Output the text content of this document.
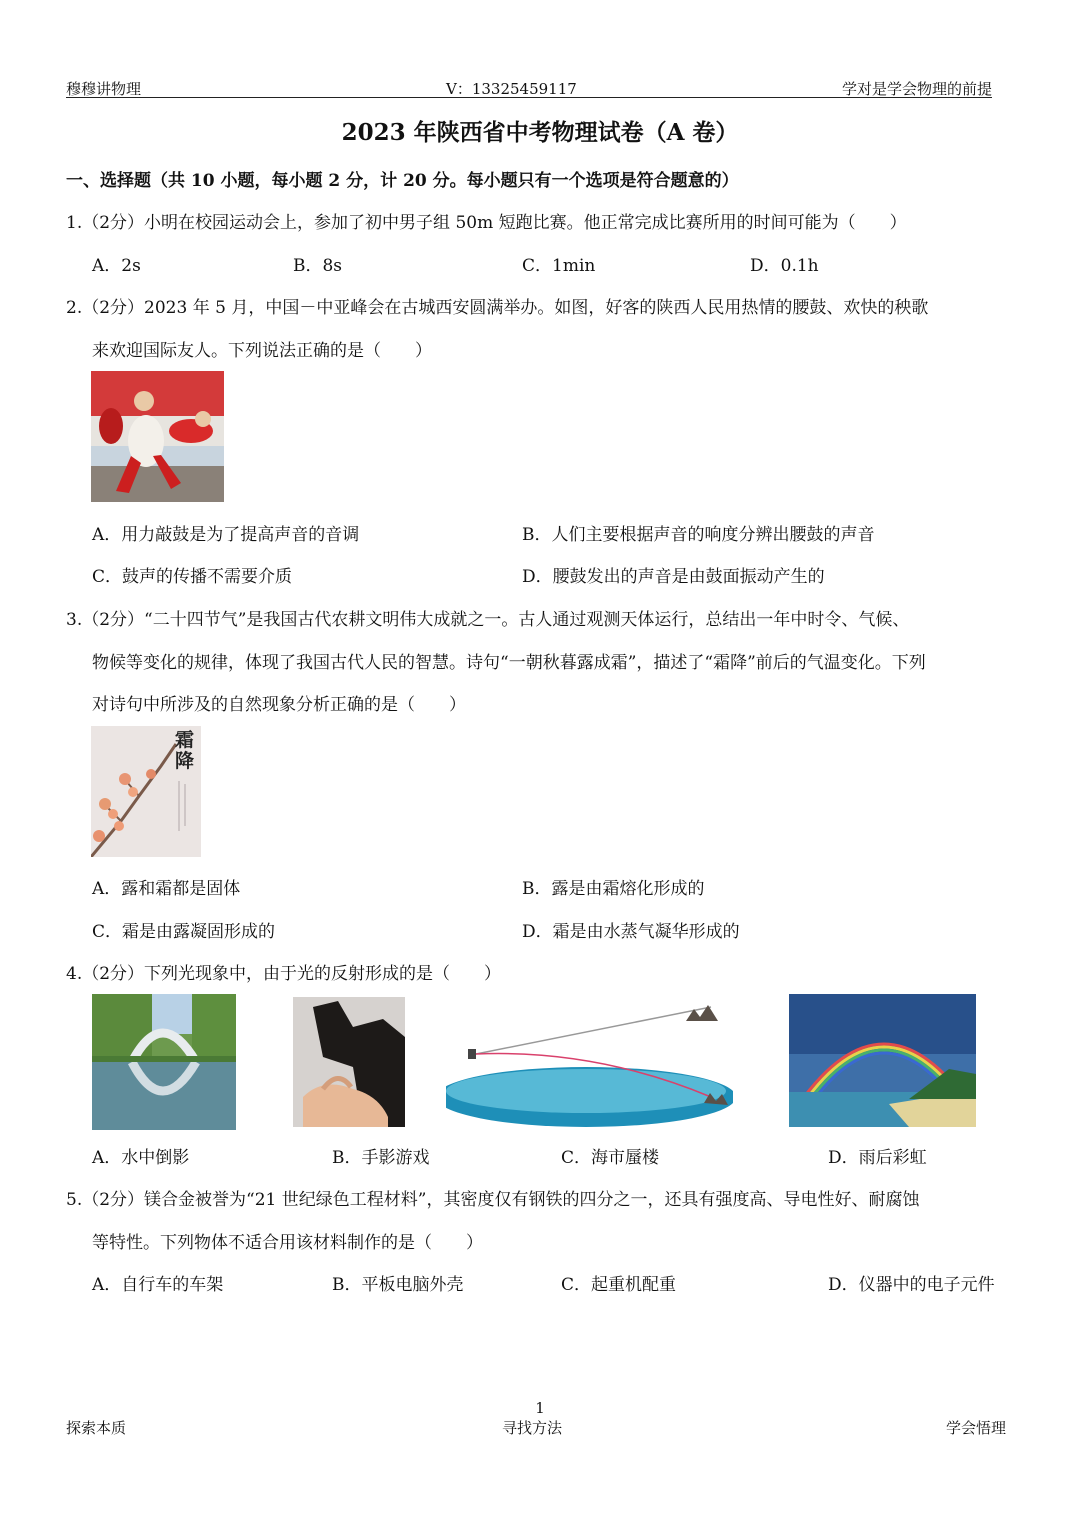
穆穆讲物理	V：13325459117	学对是学会物理的前提
2023 年陕西省中考物理试卷（A 卷）
一、选择题（共 10 小题，每小题 2 分，计 20 分。每小题只有一个选项是符合题意的）
1.（2分）小明在校园运动会上，参加了初中男子组 50m 短跑比赛。他正常完成比赛所用的时间可能为（　　）
A．2s	B．8s	C．1min	D．0.1h
2.（2分）2023 年 5 月，中国－中亚峰会在古城西安圆满举办。如图，好客的陕西人民用热情的腰鼓、欢快的秧歌
来欢迎国际友人。下列说法正确的是（　　）
A．用力敲鼓是为了提高声音的音调	B．人们主要根据声音的响度分辨出腰鼓的声音
C．鼓声的传播不需要介质	D．腰鼓发出的声音是由鼓面振动产生的
3.（2分）“二十四节气”是我国古代农耕文明伟大成就之一。古人通过观测天体运行，总结出一年中时令、气候、
物候等变化的规律，体现了我国古代人民的智慧。诗句“一朝秋暮露成霜”，描述了“霜降”前后的气温变化。下列
对诗句中所涉及的自然现象分析正确的是（　　）
霜降
A．露和霜都是固体	B．露是由霜熔化形成的
C．霜是由露凝固形成的	D．霜是由水蒸气凝华形成的
4.（2分）下列光现象中，由于光的反射形成的是（　　）
A．水中倒影	B．手影游戏	C．海市蜃楼	D．雨后彩虹
5.（2分）镁合金被誉为“21 世纪绿色工程材料”，其密度仅有钢铁的四分之一，还具有强度高、导电性好、耐腐蚀
等特性。下列物体不适合用该材料制作的是（　　）
A．自行车的车架	B．平板电脑外壳	C．起重机配重	D．仪器中的电子元件
1
探索本质	寻找方法	学会悟理
